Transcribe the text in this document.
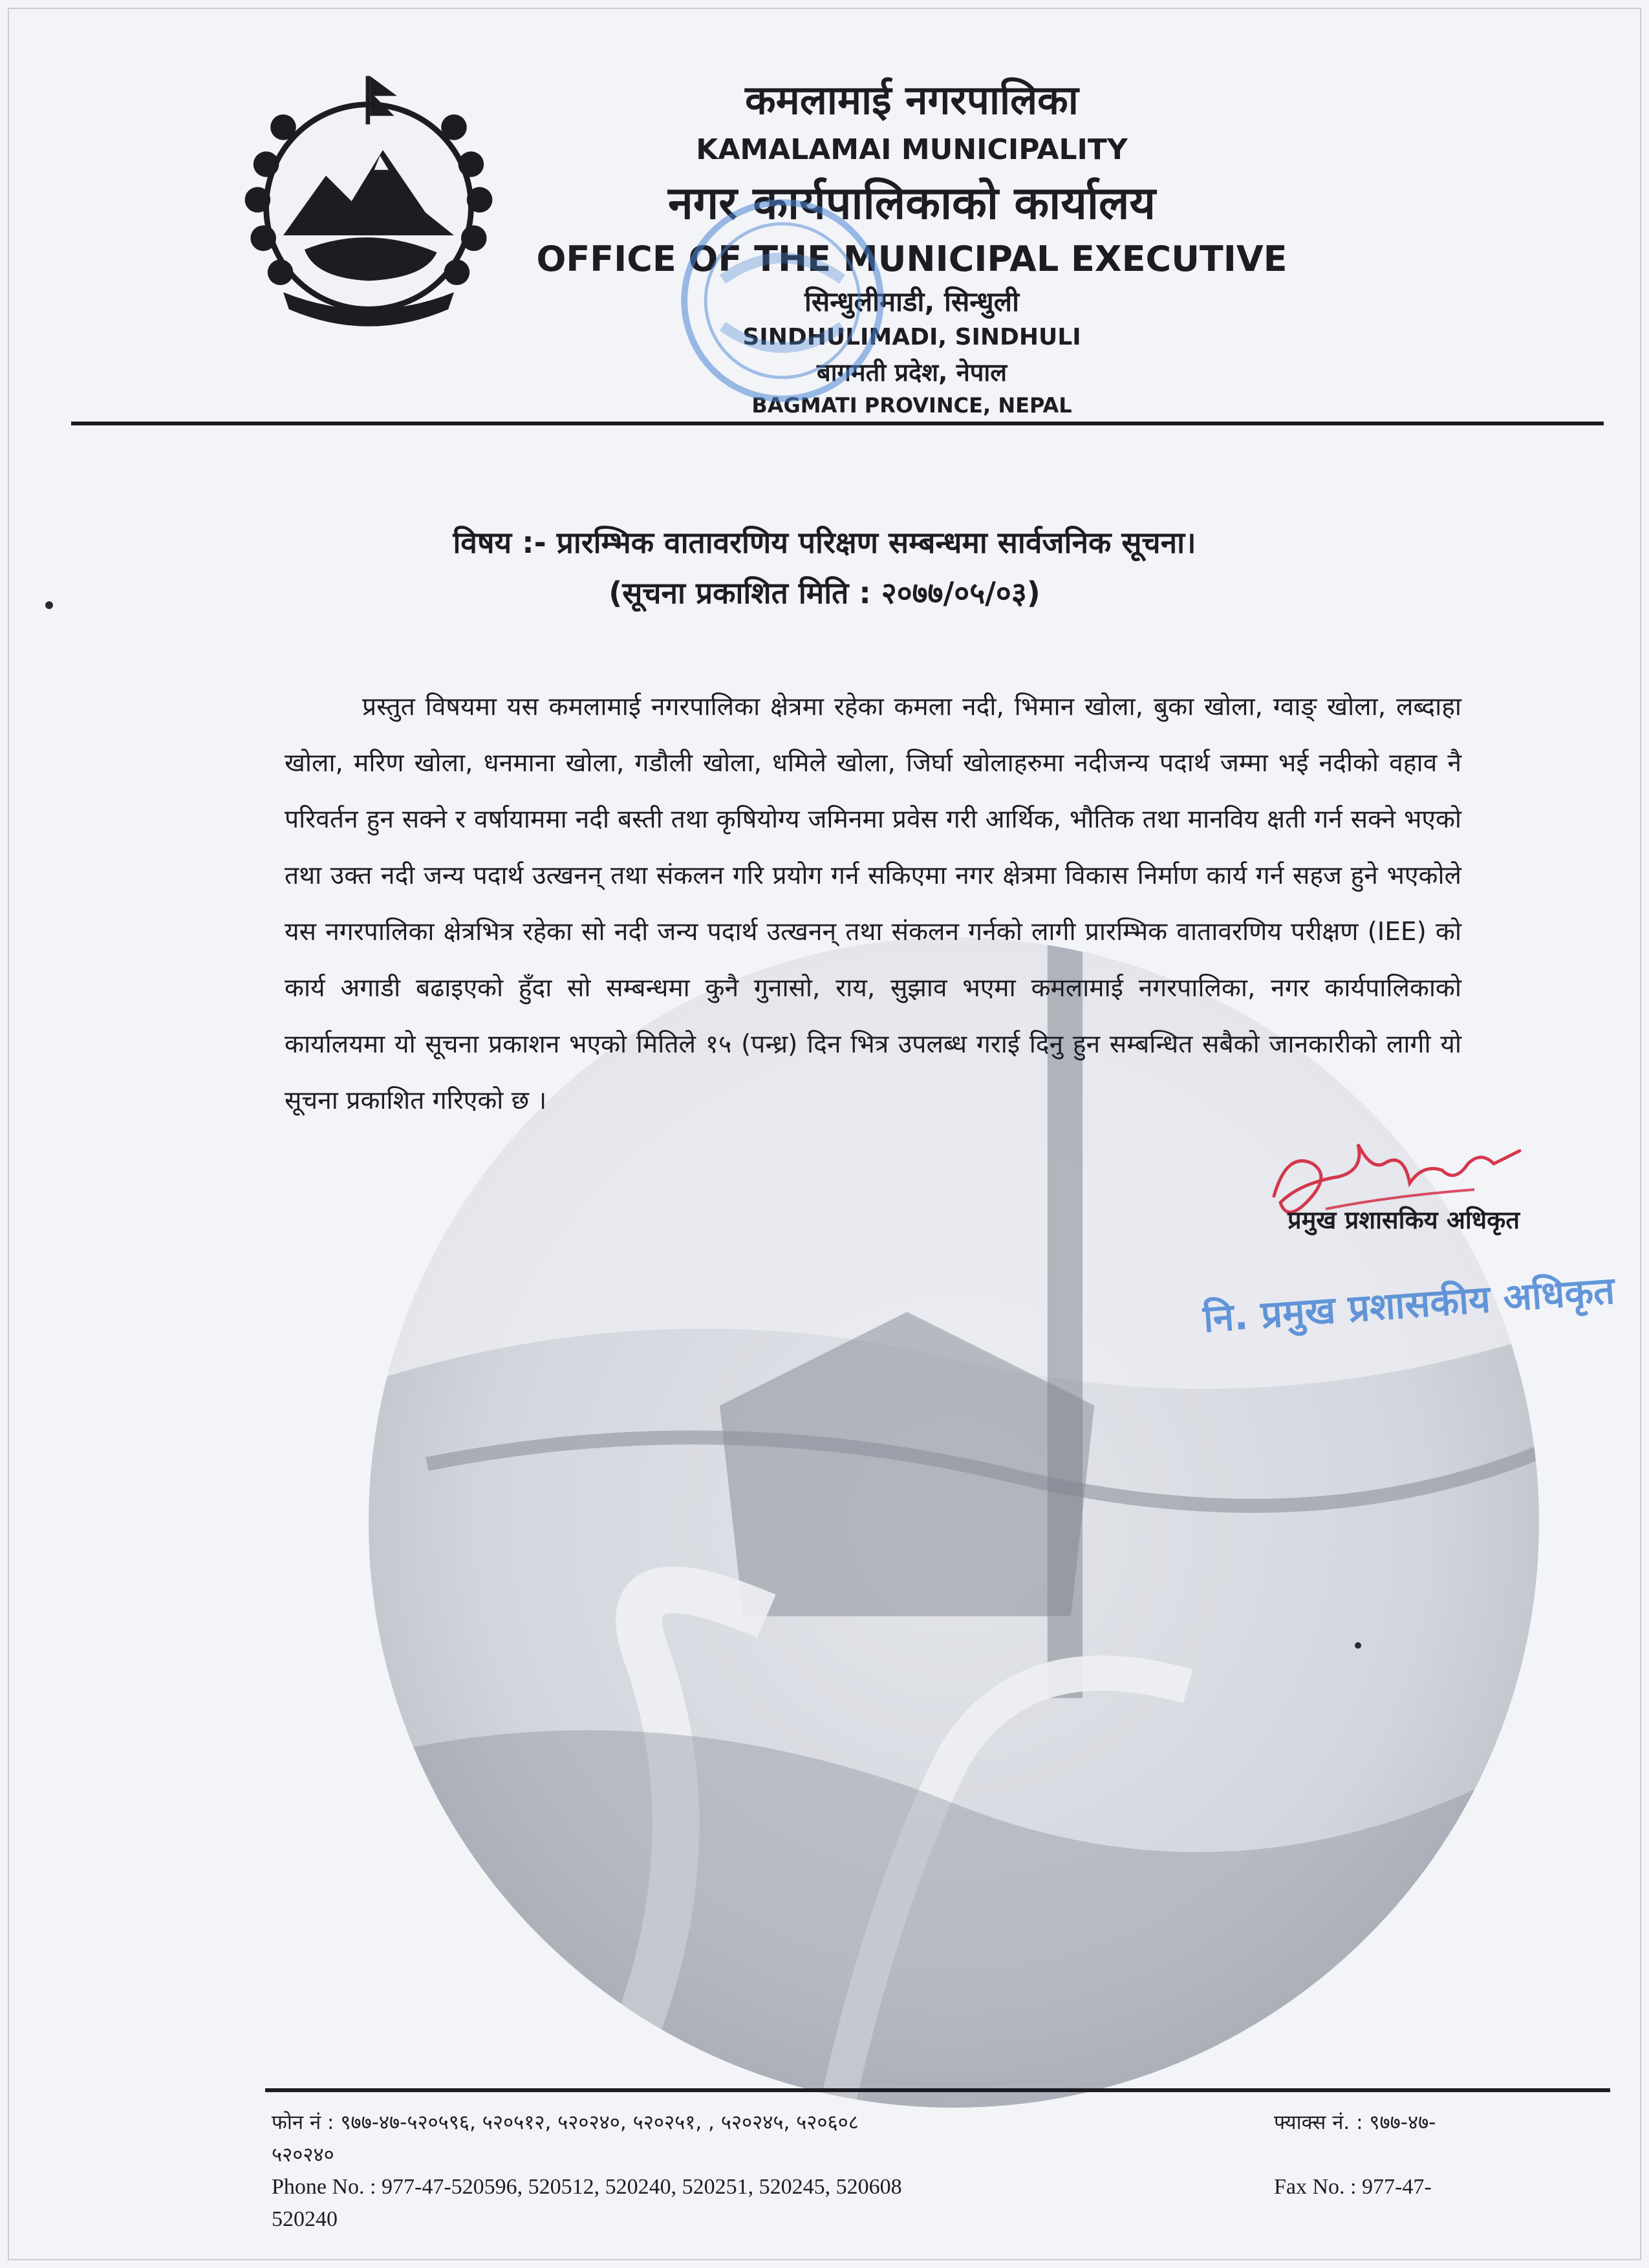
कमलामाई नगरपालिका
KAMALAMAI MUNICIPALITY
नगर कार्यपालिकाको कार्यालय
OFFICE OF THE MUNICIPAL EXECUTIVE
सिन्धुलीमाडी, सिन्धुली
SINDHULIMADI, SINDHULI
बागमती प्रदेश, नेपाल
BAGMATI PROVINCE, NEPAL
विषय :- प्रारम्भिक वातावरणिय परिक्षण सम्बन्धमा सार्वजनिक सूचना।
(सूचना प्रकाशित मिति : २०७७/०५/०३)
प्रस्तुत विषयमा यस कमलामाई नगरपालिका क्षेत्रमा रहेका कमला नदी, भिमान खोला, बुका खोला, ग्वाङ् खोला, लब्दाहा खोला, मरिण खोला, धनमाना खोला, गडौली खोला, धमिले खोला, जिर्घा खोलाहरुमा नदीजन्य पदार्थ जम्मा भई नदीको वहाव नै परिवर्तन हुन सक्ने र वर्षायाममा नदी बस्ती तथा कृषियोग्य जमिनमा प्रवेस गरी आर्थिक, भौतिक तथा मानविय क्षती गर्न सक्ने भएको तथा उक्त नदी जन्य पदार्थ उत्खनन् तथा संकलन गरि प्रयोग गर्न सकिएमा नगर क्षेत्रमा विकास निर्माण कार्य गर्न सहज हुने भएकोले यस नगरपालिका क्षेत्रभित्र रहेका सो नदी जन्य पदार्थ उत्खनन् तथा संकलन गर्नको लागी प्रारम्भिक वातावरणिय परीक्षण (IEE) को कार्य अगाडी बढाइएको हुँदा सो सम्बन्धमा कुनै गुनासो, राय, सुझाव भएमा कमलामाई नगरपालिका, नगर कार्यपालिकाको कार्यालयमा यो सूचना प्रकाशन भएको मितिले १५ (पन्ध्र) दिन भित्र उपलब्ध गराई दिनु हुन सम्बन्धित सबैको जानकारीको लागी यो सूचना प्रकाशित गरिएको छ ।
प्रमुख प्रशासकिय अधिकृत
नि. प्रमुख प्रशासकीय अधिकृत
फोन नं : ९७७-४७-५२०५९६, ५२०५१२, ५२०२४०, ५२०२५१, , ५२०२४५, ५२०६०८
५२०२४०
Phone No. : 977-47-520596, 520512, 520240, 520251, 520245, 520608
520240
फ्याक्स नं. : ९७७-४७-
Fax No. : 977-47-
